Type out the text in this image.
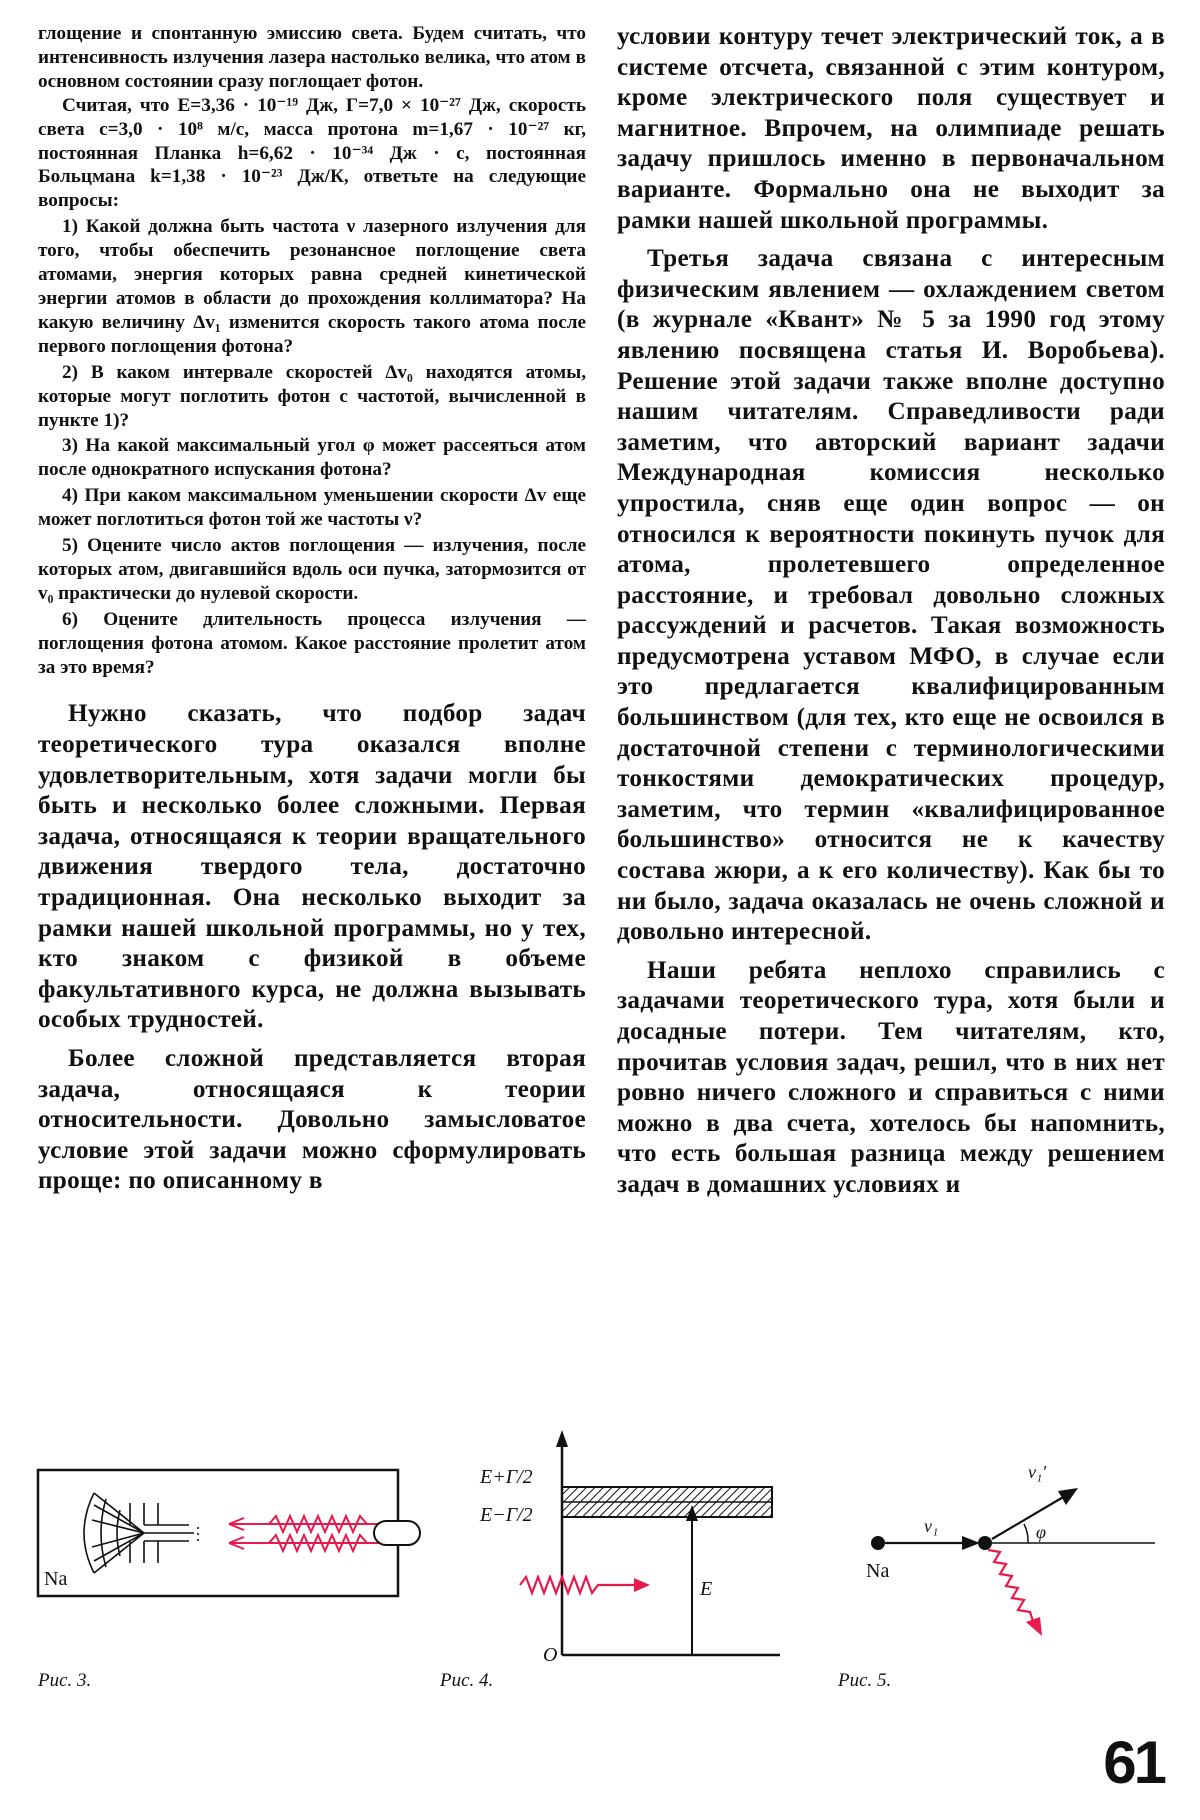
глощение и спонтанную эмиссию света. Будем считать, что интенсивность излучения лазера настолько велика, что атом в основном состоянии сразу поглощает фотон.

Считая, что E=3,36 · 10⁻¹⁹ Дж, Г=7,0 × 10⁻²⁷ Дж, скорость света c=3,0 · 10⁸ м/с, масса протона m=1,67 · 10⁻²⁷ кг, постоянная Планка h=6,62 · 10⁻³⁴ Дж · с, постоянная Больцмана k=1,38 · 10⁻²³ Дж/К, ответьте на следующие вопросы:

1) Какой должна быть частота ν лазерного излучения для того, чтобы обеспечить резонансное поглощение света атомами, энергия которых равна средней кинетической энергии атомов в области до прохождения коллиматора? На какую величину Δv₁ изменится скорость такого атома после первого поглощения фотона?

2) В каком интервале скоростей Δv₀ находятся атомы, которые могут поглотить фотон с частотой, вычисленной в пункте 1)?

3) На какой максимальный угол φ может рассеяться атом после однократного испускания фотона?

4) При каком максимальном уменьшении скорости Δv еще может поглотиться фотон той же частоты ν?

5) Оцените число актов поглощения — излучения, после которых атом, двигавшийся вдоль оси пучка, затормозится от v₀ практически до нулевой скорости.

6) Оцените длительность процесса излучения — поглощения фотона атомом. Какое расстояние пролетит атом за это время?

Нужно сказать, что подбор задач теоретического тура оказался вполне удовлетворительным, хотя задачи могли бы быть и несколько более сложными. Первая задача, относящаяся к теории вращательного движения твердого тела, достаточно традиционная. Она несколько выходит за рамки нашей школьной программы, но у тех, кто знаком с физикой в объеме факультативного курса, не должна вызывать особых трудностей.

Более сложной представляется вторая задача, относящаяся к теории относительности. Довольно замысловатое условие этой задачи можно сформулировать проще: по описанному в

условии контуру течет электрический ток, а в системе отсчета, связанной с этим контуром, кроме электрического поля существует и магнитное. Впрочем, на олимпиаде решать задачу пришлось именно в первоначальном варианте. Формально она не выходит за рамки нашей школьной программы.

Третья задача связана с интересным физическим явлением — охлаждением светом (в журнале «Квант» № 5 за 1990 год этому явлению посвящена статья И. Воробьева). Решение этой задачи также вполне доступно нашим читателям. Справедливости ради заметим, что авторский вариант задачи Международная комиссия несколько упростила, сняв еще один вопрос — он относился к вероятности покинуть пучок для атома, пролетевшего определенное расстояние, и требовал довольно сложных рассуждений и расчетов. Такая возможность предусмотрена уставом МФО, в случае если это предлагается квалифицированным большинством (для тех, кто еще не освоился в достаточной степени с терминологическими тонкостями демократических процедур, заметим, что термин «квалифицированное большинство» относится не к качеству состава жюри, а к его количеству). Как бы то ни было, задача оказалась не очень сложной и довольно интересной.

Наши ребята неплохо справились с задачами теоретического тура, хотя были и досадные потери. Тем читателям, кто, прочитав условия задач, решил, что в них нет ровно ничего сложного и справиться с ними можно в два счета, хотелось бы напомнить, что есть большая разница между решением задач в домашних условиях и

Na
E+Г/2
E−Г/2
E
O
Na
v₁
v₁′
φ
Рис. 3.	Рис. 4.	Рис. 5.
61
